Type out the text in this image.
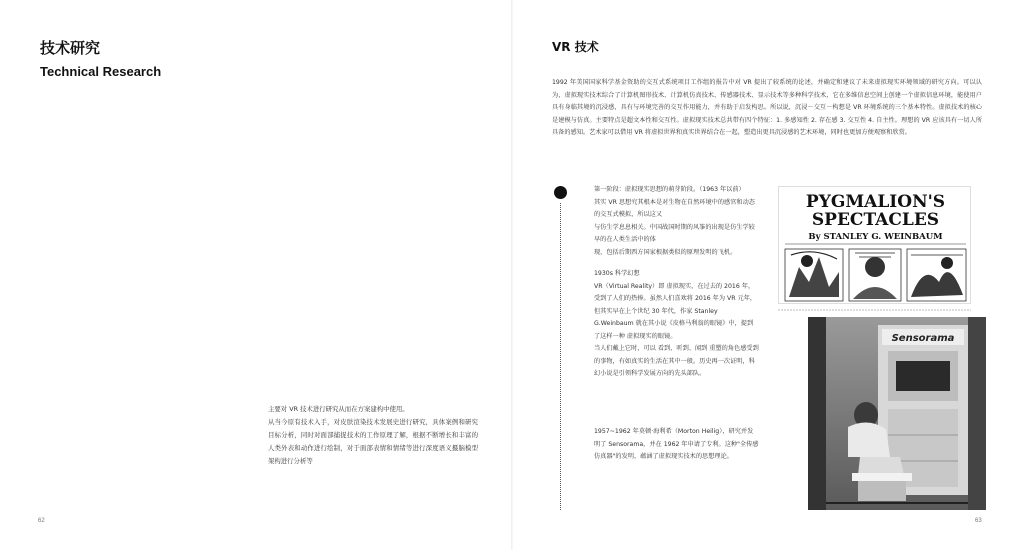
技术研究
Technical Research

主要对 VR 技术进行研究从而在方案建构中使用。

从当今原有技术入手，对皮肤渲染技术发展史进行研究，具体案例和研究目标分析，同时对面部捕捉技术的工作原理了解，根据不断增长和丰富的人类外表和动作进行绘制，对于面部表情和情绪等进行深度语义摄脑模型架构进行分析等

62
VR 技术
1992 年美国国家科学基金资助的交互式系统项目工作组的报告中对 VR 提出了较系统的论述，并确定和建议了未来虚拟现实环境领域的研究方向。可以认为，虚拟现实技术综合了计算机图形技术、计算机仿真技术、传感器技术、显示技术等多种科学技术，它在多维信息空间上创建一个虚拟信息环境，能使用户具有身临其境的沉浸感，具有与环境完善的交互作用能力，并有助于启发构思。所以说，沉浸－交互－构想是 VR 环境系统的三个基本特性。虚拟技术的核心是建模与仿真。主要特点是超文本性和交互性。虚拟现实技术总共带有四个特征：1. 多感知性 2. 存在感 3. 交互性 4. 自主性。理想的 VR 应该具有一切人所具备的感知。艺术家可以借用 VR 将虚拟世界和真实世界结合在一起，塑造出更具沉浸感的艺术环境，同时也更加方便观察和欣赏。

第一阶段：虚拟现实思想的萌芽阶段。（1963 年以前）

其实 VR 思想究其根本是对生物在自然环境中的感官和动态的交互式模拟，所以这又

与仿生学息息相关。中国战国时期的风筝的出现是仿生学较早的在人类生活中的体

现，包括后期西方国家根据类似的原理发明的飞机。

1930s 科学幻想

VR（Virtual Reality）即 虚拟现实，在过去的 2016 年，受到了人们的热捧。虽然人们喜欢将 2016 年为 VR 元年，但其实早在上个世纪 30 年代，作家 Stanley G.Weinbaum 就在其小说《皮格马利翁的眼镜》中，提到了这样一种 虚拟现实的眼镜。

当人们戴上它时，可以 看到、听到、闻到 重塑的角色感受到的事物，有如真实的生活在其中一般。历史再一次证明，科幻小说是引领科学发展方向的先头部队。

1957~1962 年莫顿·海利希（Morton Heilig），研究并发明了 Sensorama，并在 1962 年申请了专利。这种"全传感仿真器"的发明，蕴涵了虚拟现实技术的思想理论。

PYGMALION'S
SPECTACLES
By STANLEY G. WEINBAUM
Sensorama
63
